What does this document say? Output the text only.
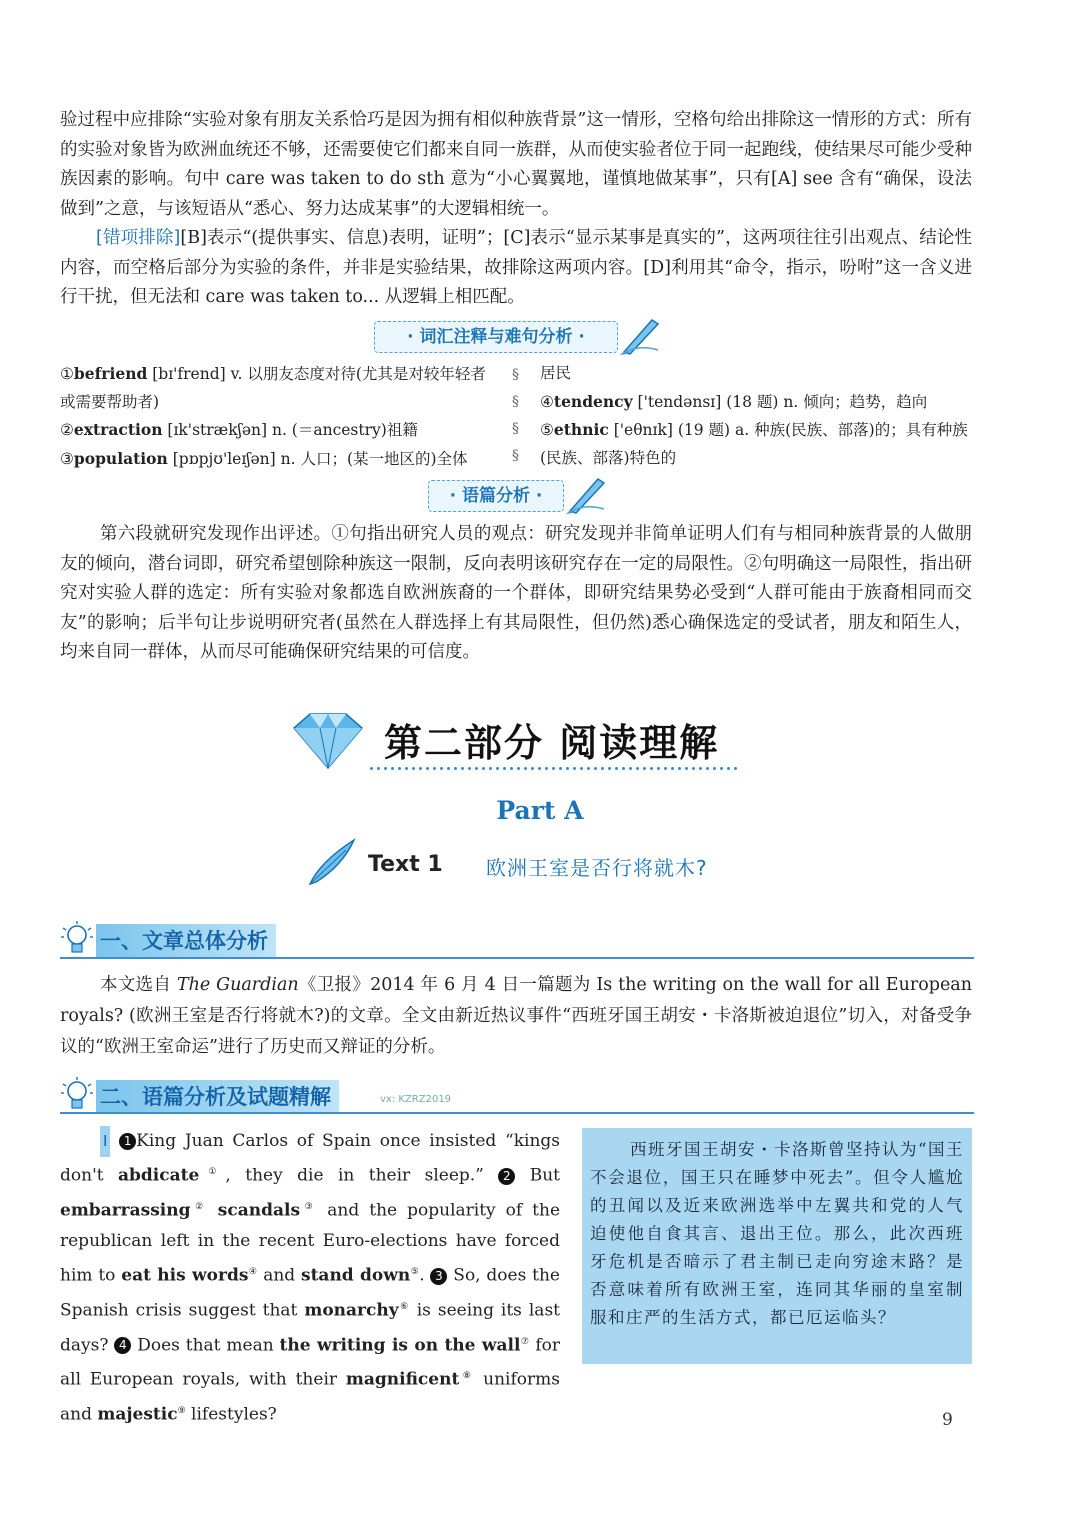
验过程中应排除“实验对象有朋友关系恰巧是因为拥有相似种族背景”这一情形，空格句给出排除这一情形的方式：所有的实验对象皆为欧洲血统还不够，还需要使它们都来自同一族群，从而使实验者位于同一起跑线，使结果尽可能少受种族因素的影响。句中 care was taken to do sth 意为“小心翼翼地，谨慎地做某事”，只有[A] see 含有“确保，设法做到”之意，与该短语从“悉心、努力达成某事”的大逻辑相统一。
[错项排除][B]表示“(提供事实、信息)表明，证明”；[C]表示“显示某事是真实的”，这两项往往引出观点、结论性内容，而空格后部分为实验的条件，并非是实验结果，故排除这两项内容。[D]利用其“命令，指示，吩咐”这一含义进行干扰，但无法和 care was taken to... 从逻辑上相匹配。
· 词汇注释与难句分析 ·
①befriend [bɪ'frend] v. 以朋友态度对待(尤其是对较年轻者或需要帮助者)
②extraction [ɪk'strækʃən] n. (＝ancestry)祖籍
③population [pɒpjʊ'leɪʃən] n. 人口；(某一地区的)全体
§
§
§
§
居民
④tendency ['tendənsɪ] (18 题) n. 倾向；趋势，趋向
⑤ethnic ['eθnɪk] (19 题) a. 种族(民族、部落)的；具有种族(民族、部落)特色的
· 语篇分析 ·
第六段就研究发现作出评述。①句指出研究人员的观点：研究发现并非简单证明人们有与相同种族背景的人做朋友的倾向，潜台词即，研究希望刨除种族这一限制，反向表明该研究存在一定的局限性。②句明确这一局限性，指出研究对实验人群的选定：所有实验对象都选自欧洲族裔的一个群体，即研究结果势必受到“人群可能由于族裔相同而交友”的影响；后半句让步说明研究者(虽然在人群选择上有其局限性，但仍然)悉心确保选定的受试者，朋友和陌生人，均来自同一群体，从而尽可能确保研究结果的可信度。
第二部分 阅读理解
Part A
Text 1 欧洲王室是否行将就木?
一、文章总体分析
本文选自 The Guardian《卫报》2014 年 6 月 4 日一篇题为 Is the writing on the wall for all European royals? (欧洲王室是否行将就木?)的文章。全文由新近热议事件“西班牙国王胡安・卡洛斯被迫退位”切入，对备受争议的“欧洲王室命运”进行了历史而又辩证的分析。
二、语篇分析及试题精解	vx: KZRZ2019
Ⅰ 1 King Juan Carlos of Spain once insisted “kings don't abdicate①, they die in their sleep.” 2 But embarrassing② scandals③ and the popularity of the republican left in the recent Euro-elections have forced him to eat his words④ and stand down⑤. 3 So, does the Spanish crisis suggest that monarchy⑥ is seeing its last days? 4 Does that mean the writing is on the wall⑦ for all European royals, with their magnificent⑧ uniforms and majestic⑨ lifestyles?
西班牙国王胡安・卡洛斯曾坚持认为“国王不会退位，国王只在睡梦中死去”。但令人尴尬的丑闻以及近来欧洲选举中左翼共和党的人气迫使他自食其言、退出王位。那么，此次西班牙危机是否暗示了君主制已走向穷途末路？是否意味着所有欧洲王室，连同其华丽的皇室制服和庄严的生活方式，都已厄运临头？
9
